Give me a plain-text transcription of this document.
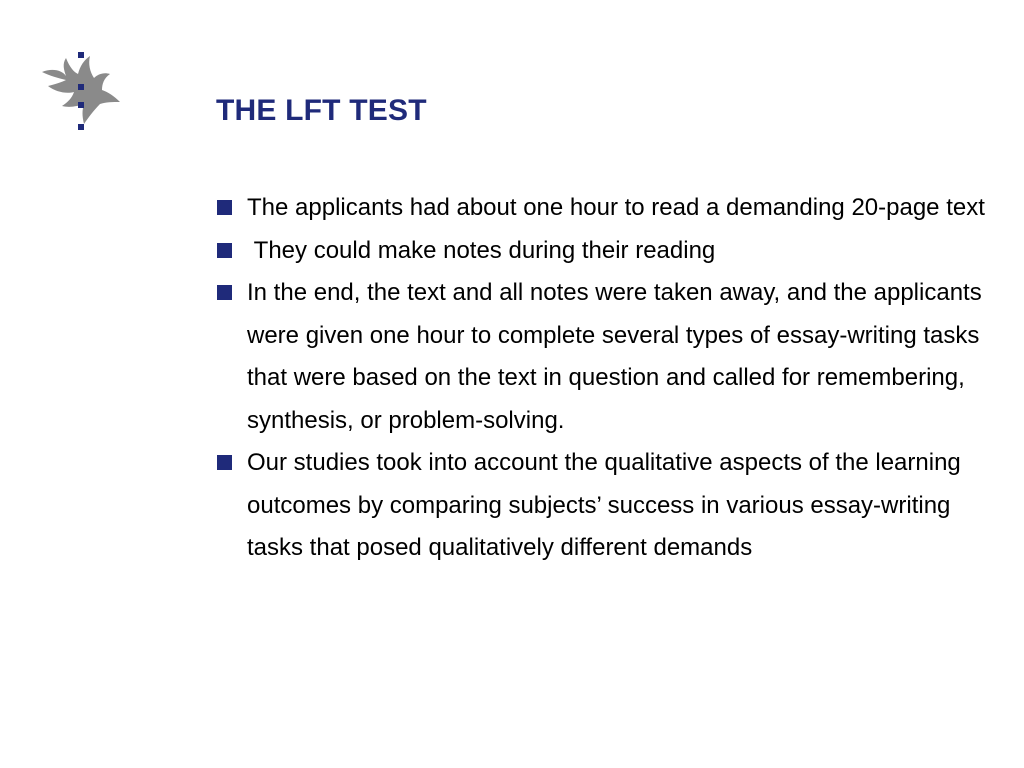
THE LFT TEST
The applicants had about one hour to read a demanding 20-page text
They could make notes during their reading
In the end, the text and all notes were taken away, and the applicants were given one hour to complete several types of essay-writing tasks that were based on the text in question and called for remembering, synthesis, or problem-solving.
Our studies took into account the qualitative aspects of the learning outcomes by comparing subjects’ success in various essay-writing tasks that posed qualitatively different demands
